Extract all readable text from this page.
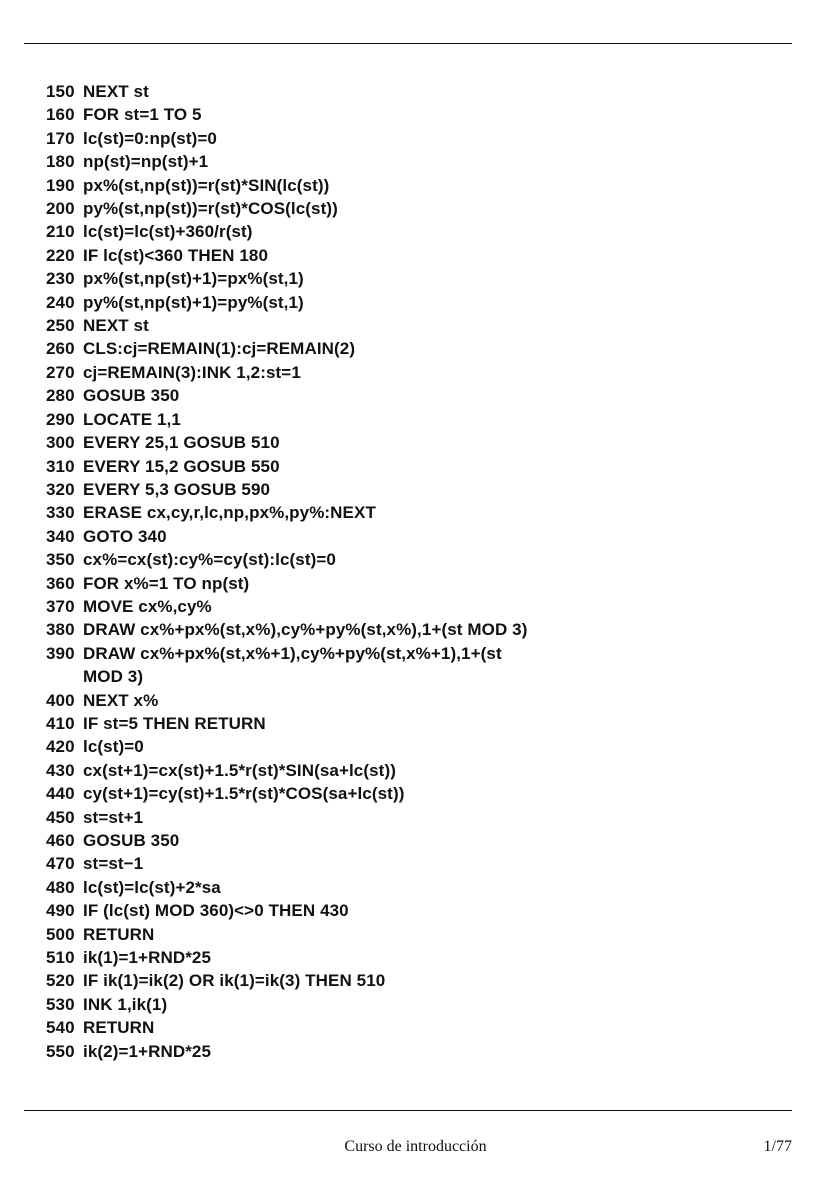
150 NEXT st
160 FOR st=1 TO 5
170 lc(st)=0:np(st)=0
180 np(st)=np(st)+1
190 px%(st,np(st))=r(st)*SIN(lc(st))
200 py%(st,np(st))=r(st)*COS(lc(st))
210 lc(st)=lc(st)+360/r(st)
220 IF lc(st)<360 THEN 180
230 px%(st,np(st)+1)=px%(st,1)
240 py%(st,np(st)+1)=py%(st,1)
250 NEXT st
260 CLS:cj=REMAIN(1):cj=REMAIN(2)
270 cj=REMAIN(3):INK 1,2:st=1
280 GOSUB 350
290 LOCATE 1,1
300 EVERY 25,1 GOSUB 510
310 EVERY 15,2 GOSUB 550
320 EVERY 5,3 GOSUB 590
330 ERASE cx,cy,r,lc,np,px%,py%:NEXT
340 GOTO 340
350 cx%=cx(st):cy%=cy(st):lc(st)=0
360 FOR x%=1 TO np(st)
370 MOVE cx%,cy%
380 DRAW cx%+px%(st,x%),cy%+py%(st,x%),1+(st MOD 3)
390 DRAW cx%+px%(st,x%+1),cy%+py%(st,x%+1),1+(st
MOD 3)
400 NEXT x%
410 IF st=5 THEN RETURN
420 lc(st)=0
430 cx(st+1)=cx(st)+1.5*r(st)*SIN(sa+lc(st))
440 cy(st+1)=cy(st)+1.5*r(st)*COS(sa+lc(st))
450 st=st+1
460 GOSUB 350
470 st=st−1
480 lc(st)=lc(st)+2*sa
490 IF (lc(st) MOD 360)<>0 THEN 430
500 RETURN
510 ik(1)=1+RND*25
520 IF ik(1)=ik(2) OR ik(1)=ik(3) THEN 510
530 INK 1,ik(1)
540 RETURN
550 ik(2)=1+RND*25
Curso de introducción	1/77
